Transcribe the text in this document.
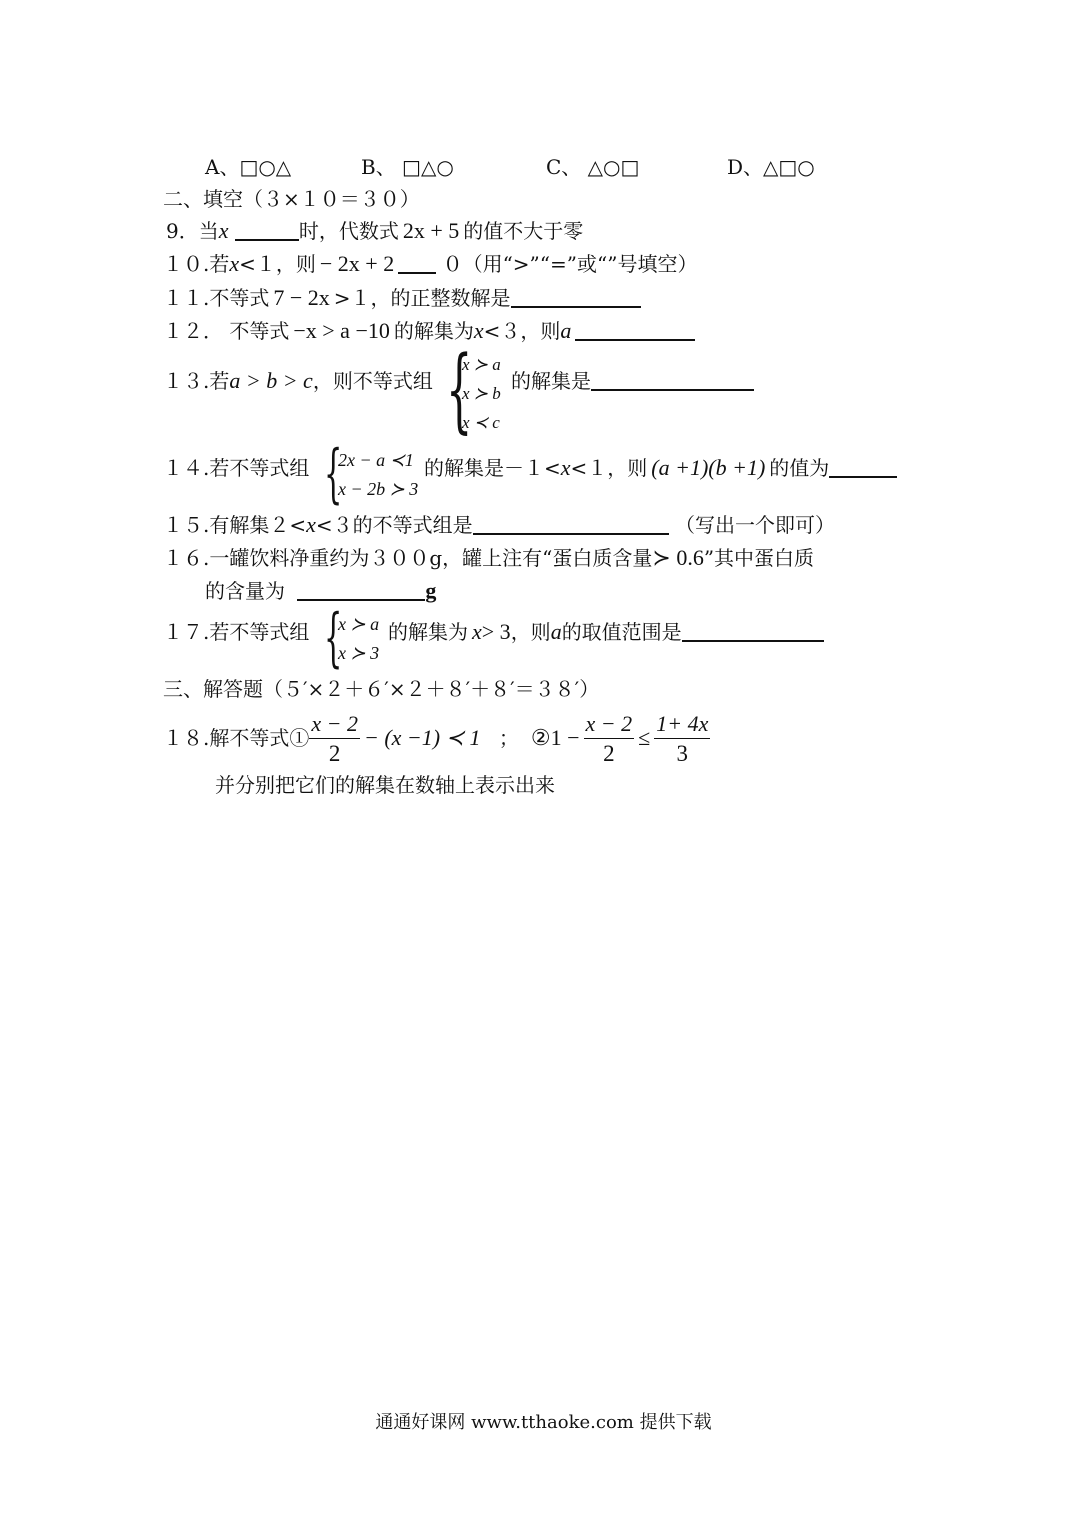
A、□○△	B、 □△○	C、 △○□	D、△□○
二、填空（３×１０＝３０）
9．当x	时，代数式 2x + 5 的值不大于零
１０.若x<１，则 − 2x + 2 ０（用“>”“=”或“”号填空）
１１.不等式 7 − 2x >１，的正整数解是
１２． 不等式 −x > a −10 的解集为x<３，则a
１３.若a > b > c，则不等式组 {
x ≻ a
x ≻ b
x ≺ c
的解集是
１４.若不等式组 {
2x − a ≺1
x − 2b ≻ 3
的解集是－１<x<１，则 (a +1)(b +1) 的值为
１５.有解集２<x<３的不等式组是	（写出一个即可）
１６.一罐饮料净重约为３００g，罐上注有“蛋白质含量≻ 0.6”其中蛋白质
的含量为	g
１７.若不等式组 {
x ≻ a
x ≻ 3
的解集为 x> 3，则a的取值范围是
三、解答题（５′×２＋６′×２＋８′＋８′＝３８′）
１８.解不等式① $\frac{x - 2}{2} - (x -1)$ ≺ 1 ； ②1 − $\frac{x - 2}{2} \le \frac{1+ 4x}{3}$
并分别把它们的解集在数轴上表示出来
通通好课网 www.tthaoke.com 提供下载
